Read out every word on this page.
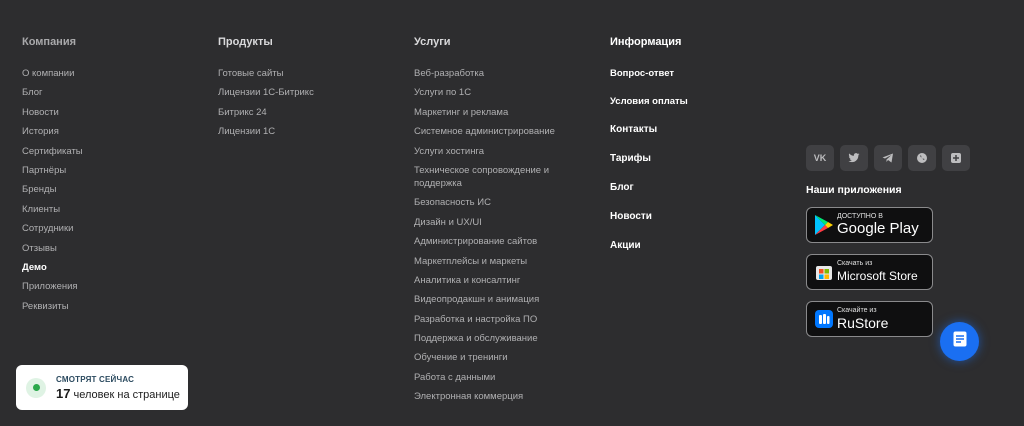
Компания
О компании
Блог
Новости
История
Сертификаты
Партнёры
Бренды
Клиенты
Сотрудники
Отзывы
Демо
Приложения
Реквизиты
Продукты
Готовые сайты
Лицензии 1С-Битрикс
Битрикс 24
Лицензии 1С
Услуги
Веб-разработка
Услуги по 1С
Маркетинг и реклама
Системное администрирование
Услуги хостинга
Техническое сопровождение и поддержка
Безопасность ИС
Дизайн и UX/UI
Администрирование сайтов
Маркетплейсы и маркеты
Аналитика и консалтинг
Видеопродакшн и анимация
Разработка и настройка ПО
Поддержка и обслуживание
Обучение и тренинги
Работа с данными
Электронная коммерция
Информация
Вопрос-ответ
Условия оплаты
Контакты
Тарифы
Блог
Новости
Акции
VK
Наши приложения
ДОСТУПНО В
Google Play
Скачать из
Microsoft Store
Скачайте из
RuStore
СМОТРЯТ СЕЙЧАС
17 человек на странице
